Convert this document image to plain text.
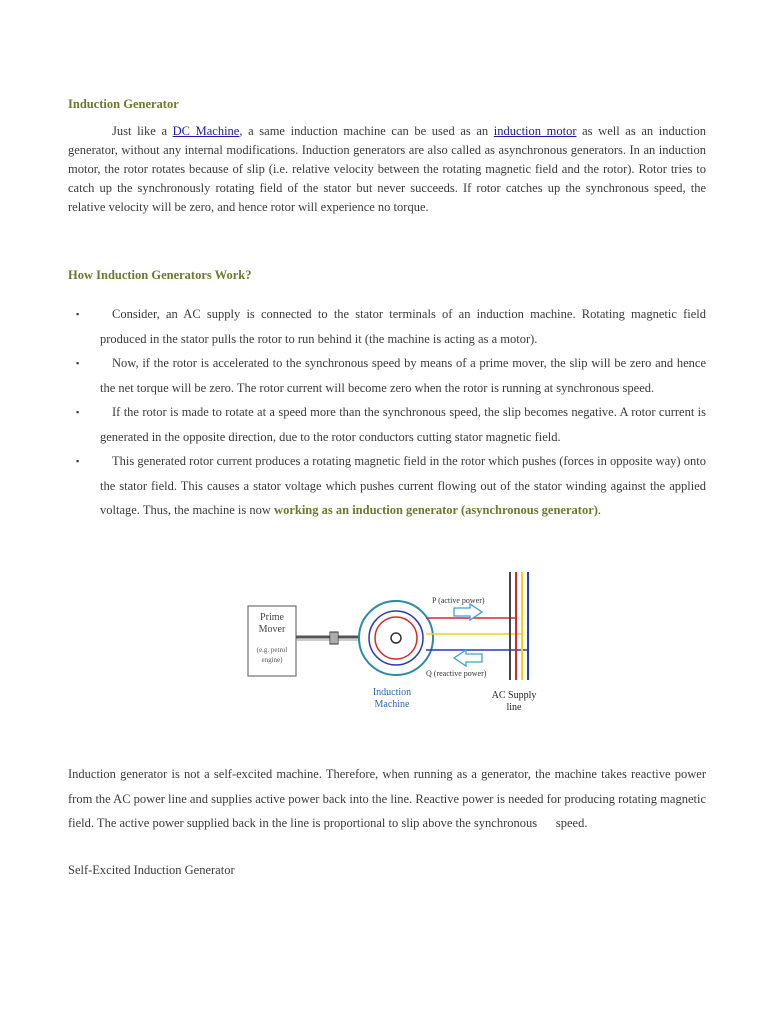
Induction Generator
Just like a DC Machine, a same induction machine can be used as an induction motor as well as an induction generator, without any internal modifications. Induction generators are also called as asynchronous generators. In an induction motor, the rotor rotates because of slip (i.e. relative velocity between the rotating magnetic field and the rotor). Rotor tries to catch up the synchronously rotating field of the stator but never succeeds. If rotor catches up the synchronous speed, the relative velocity will be zero, and hence rotor will experience no torque.
How Induction Generators Work?
▪	Consider, an AC supply is connected to the stator terminals of an induction machine. Rotating magnetic field produced in the stator pulls the rotor to run behind it (the machine is acting as a motor).
▪	Now, if the rotor is accelerated to the synchronous speed by means of a prime mover, the slip will be zero and hence the net torque will be zero. The rotor current will become zero when the rotor is running at synchronous speed.
▪	If the rotor is made to rotate at a speed more than the synchronous speed, the slip becomes negative. A rotor current is generated in the opposite direction, due to the rotor conductors cutting stator magnetic field.
▪	This generated rotor current produces a rotating magnetic field in the rotor which pushes (forces in opposite way) onto the stator field. This causes a stator voltage which pushes current flowing out of the stator winding against the applied voltage. Thus, the machine is now working as an induction generator (asynchronous generator).
Induction generator is not a self-excited machine. Therefore, when running as a generator, the machine takes reactive power from the AC power line and supplies active power back into the line. Reactive power is needed for producing rotating magnetic field. The active power supplied back in the line is proportional to slip above the synchronous speed.
Self-Excited Induction Generator
Prime
Mover
(e.g. petrol
engine)
P (active power)
Q (reactive power)
Induction
Machine
AC Supply
line
